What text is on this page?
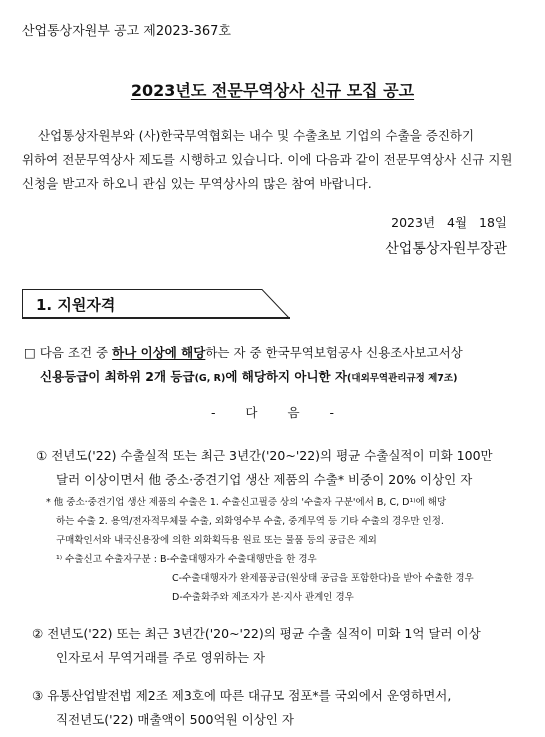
산업통상자원부 공고 제2023-367호
2023년도 전문무역상사 신규 모집 공고
산업통상자원부와 (사)한국무역협회는 내수 및 수출초보 기업의 수출을 증진하기
위하여 전문무역상사 제도를 시행하고 있습니다. 이에 다음과 같이 전문무역상사 신규 지원
신청을 받고자 하오니 관심 있는 무역상사의 많은 참여 바랍니다.
2023년 4월 18일
산업통상자원부장관
1. 지원자격
□ 다음 조건 중 하나 이상에 해당하는 자 중 한국무역보험공사 신용조사보고서상
신용등급이 최하위 2개 등급(G, R)에 해당하지 아니한 자(대외무역관리규정 제7조)
- 다 음 -
① 전년도('22) 수출실적 또는 최근 3년간('20~'22)의 평균 수출실적이 미화 100만
달러 이상이면서 他 중소·중견기업 생산 제품의 수출* 비중이 20% 이상인 자
* 他 중소·중견기업 생산 제품의 수출은 1. 수출신고필증 상의 '수출자 구분'에서 B, C, D¹⁾에 해당
하는 수출 2. 용역/전자적무체물 수출, 외화영수부 수출, 중계무역 등 기타 수출의 경우만 인정.
구매확인서와 내국신용장에 의한 외화획득용 원료 또는 물품 등의 공급은 제외
¹⁾ 수출신고 수출자구분 : B-수출대행자가 수출대행만을 한 경우
C-수출대행자가 완제품공급(원상태 공급을 포함한다)을 받아 수출한 경우
D-수출화주와 제조자가 본·지사 관계인 경우
② 전년도('22) 또는 최근 3년간('20~'22)의 평균 수출 실적이 미화 1억 달러 이상
인자로서 무역거래를 주로 영위하는 자
③ 유통산업발전법 제2조 제3호에 따른 대규모 점포*를 국외에서 운영하면서,
직전년도('22) 매출액이 500억원 이상인 자
